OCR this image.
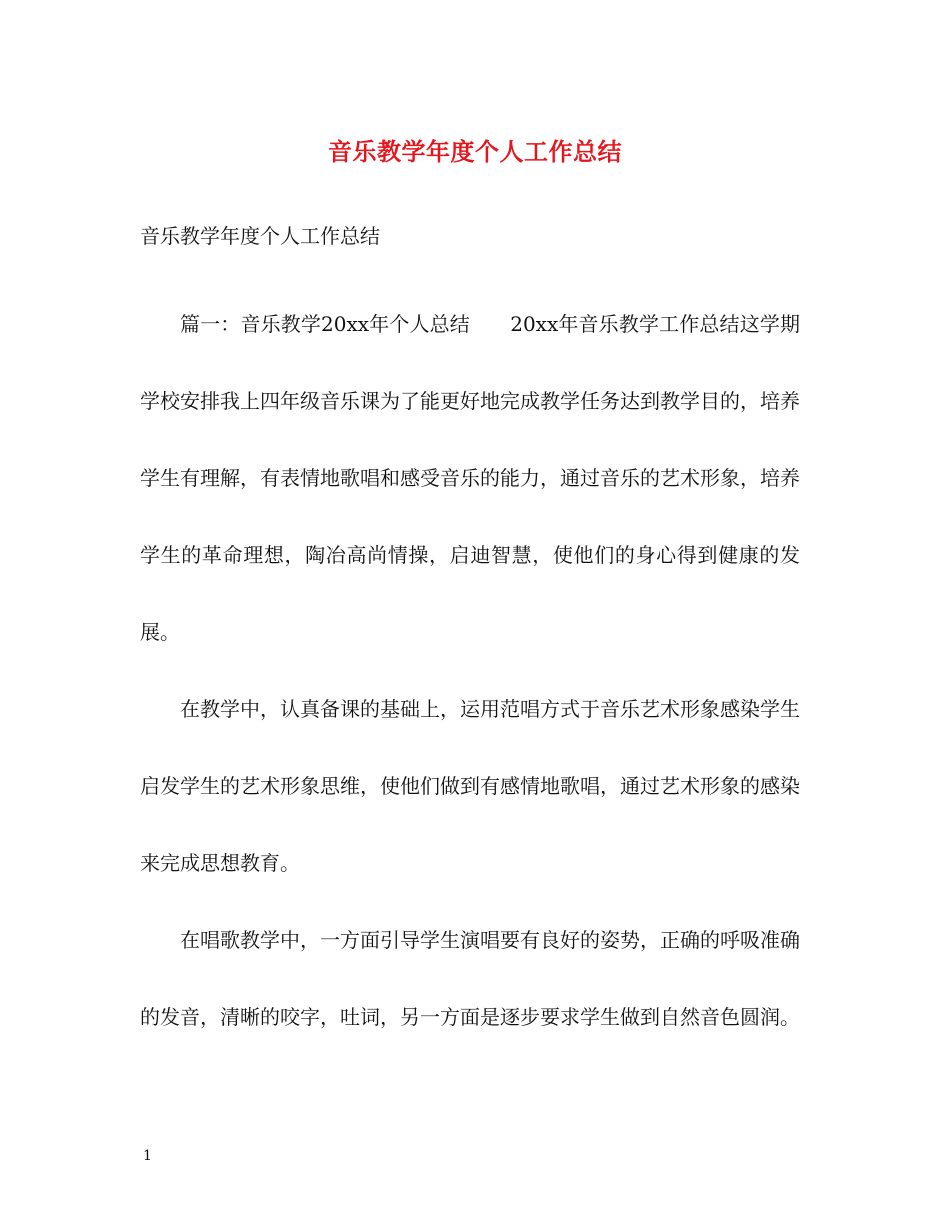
音乐教学年度个人工作总结
音乐教学年度个人工作总结

篇一：音乐教学20xx年个人总结　　20xx年音乐教学工作总结这学期学校安排我上四年级音乐课为了能更好地完成教学任务达到教学目的，培养学生有理解，有表情地歌唱和感受音乐的能力，通过音乐的艺术形象，培养学生的革命理想，陶冶高尚情操，启迪智慧，使他们的身心得到健康的发展。

在教学中，认真备课的基础上，运用范唱方式于音乐艺术形象感染学生启发学生的艺术形象思维，使他们做到有感情地歌唱，通过艺术形象的感染来完成思想教育。

在唱歌教学中，一方面引导学生演唱要有良好的姿势，正确的呼吸准确的发音，清晰的咬字，吐词，另一方面是逐步要求学生做到自然音色圆润。

1
